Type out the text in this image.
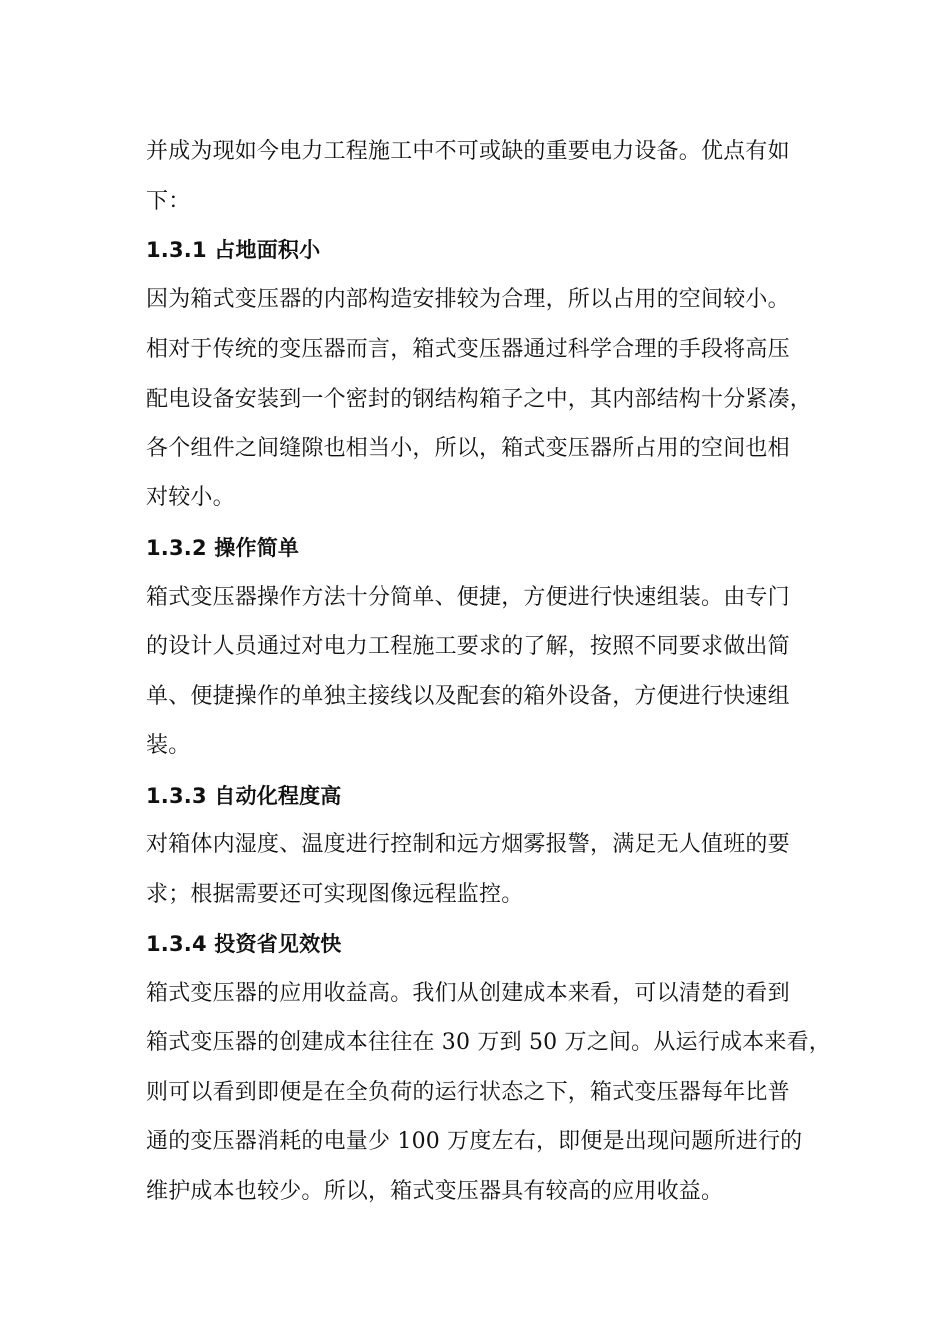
并成为现如今电力工程施工中不可或缺的重要电力设备。优点有如
下：
1.3.1 占地面积小
因为箱式变压器的内部构造安排较为合理，所以占用的空间较小。
相对于传统的变压器而言，箱式变压器通过科学合理的手段将高压
配电设备安装到一个密封的钢结构箱子之中，其内部结构十分紧凑，
各个组件之间缝隙也相当小，所以，箱式变压器所占用的空间也相
对较小。
1.3.2 操作简单
箱式变压器操作方法十分简单、便捷，方便进行快速组装。由专门
的设计人员通过对电力工程施工要求的了解，按照不同要求做出简
单、便捷操作的单独主接线以及配套的箱外设备，方便进行快速组
装。
1.3.3 自动化程度高
对箱体内湿度、温度进行控制和远方烟雾报警，满足无人值班的要
求；根据需要还可实现图像远程监控。
1.3.4 投资省见效快
箱式变压器的应用收益高。我们从创建成本来看，可以清楚的看到
箱式变压器的创建成本往往在 30 万到 50 万之间。从运行成本来看，
则可以看到即便是在全负荷的运行状态之下，箱式变压器每年比普
通的变压器消耗的电量少 100 万度左右，即便是出现问题所进行的
维护成本也较少。所以，箱式变压器具有较高的应用收益。
